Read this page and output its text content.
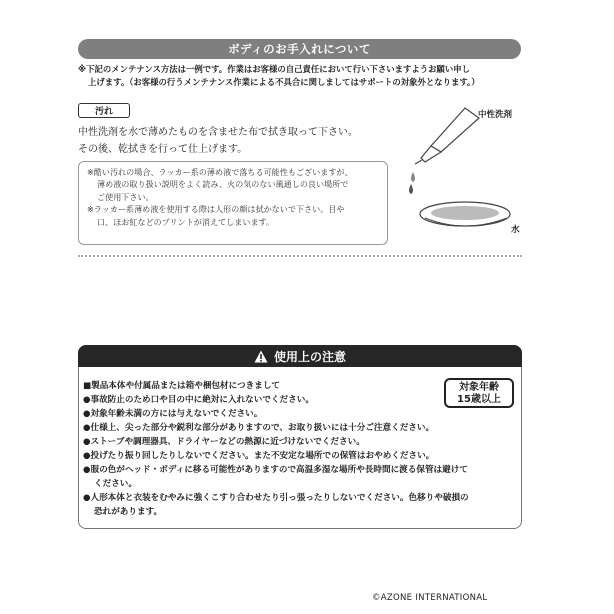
ボディのお手入れについて
※下記のメンテナンス方法は一例です。作業はお客様の自己責任において行い下さいますようお願い申し
上げます。（お客様の行うメンテナンス作業による不具合に関しましてはサポートの対象外となります。）
汚れ
中性洗剤を水で薄めたものを含ませた布で拭き取って下さい。
その後、乾拭きを行って仕上げます。
※酷い汚れの場合、ラッカー系の薄め液で落ちる可能性もございますが、

薄め液の取り扱い説明をよく読み、火の気のない風通しの良い場所で
ご使用下さい。
※ラッカー系薄め液を使用する際は人形の顔は拭かないで下さい。目や

口、ほお紅などのプリントが消えてしまいます。
中性洗剤
水
使用上の注意
対象年齢
15歳以上
■製品本体や付属品または箱や梱包材につきまして
●事故防止のため口や目の中に絶対に入れないでください。
●対象年齢未満の方には与えないでください。
●仕様上、尖った部分や鋭利な部分がありますので、お取り扱いには十分ご注意ください。
●ストーブや調理器具、ドライヤーなどの熱源に近づけないでください。
●投げたり振り回したりしないでください。また不安定な場所での保管はおやめください。
●服の色がヘッド・ボディに移る可能性がありますので高温多湿な場所や長時間に渡る保管は避けて
ください。
●人形本体と衣装をむやみに強くこすり合わせたり引っ張ったりしないでください。色移りや破損の
恐れがあります。
©AZONE INTERNATIONAL
